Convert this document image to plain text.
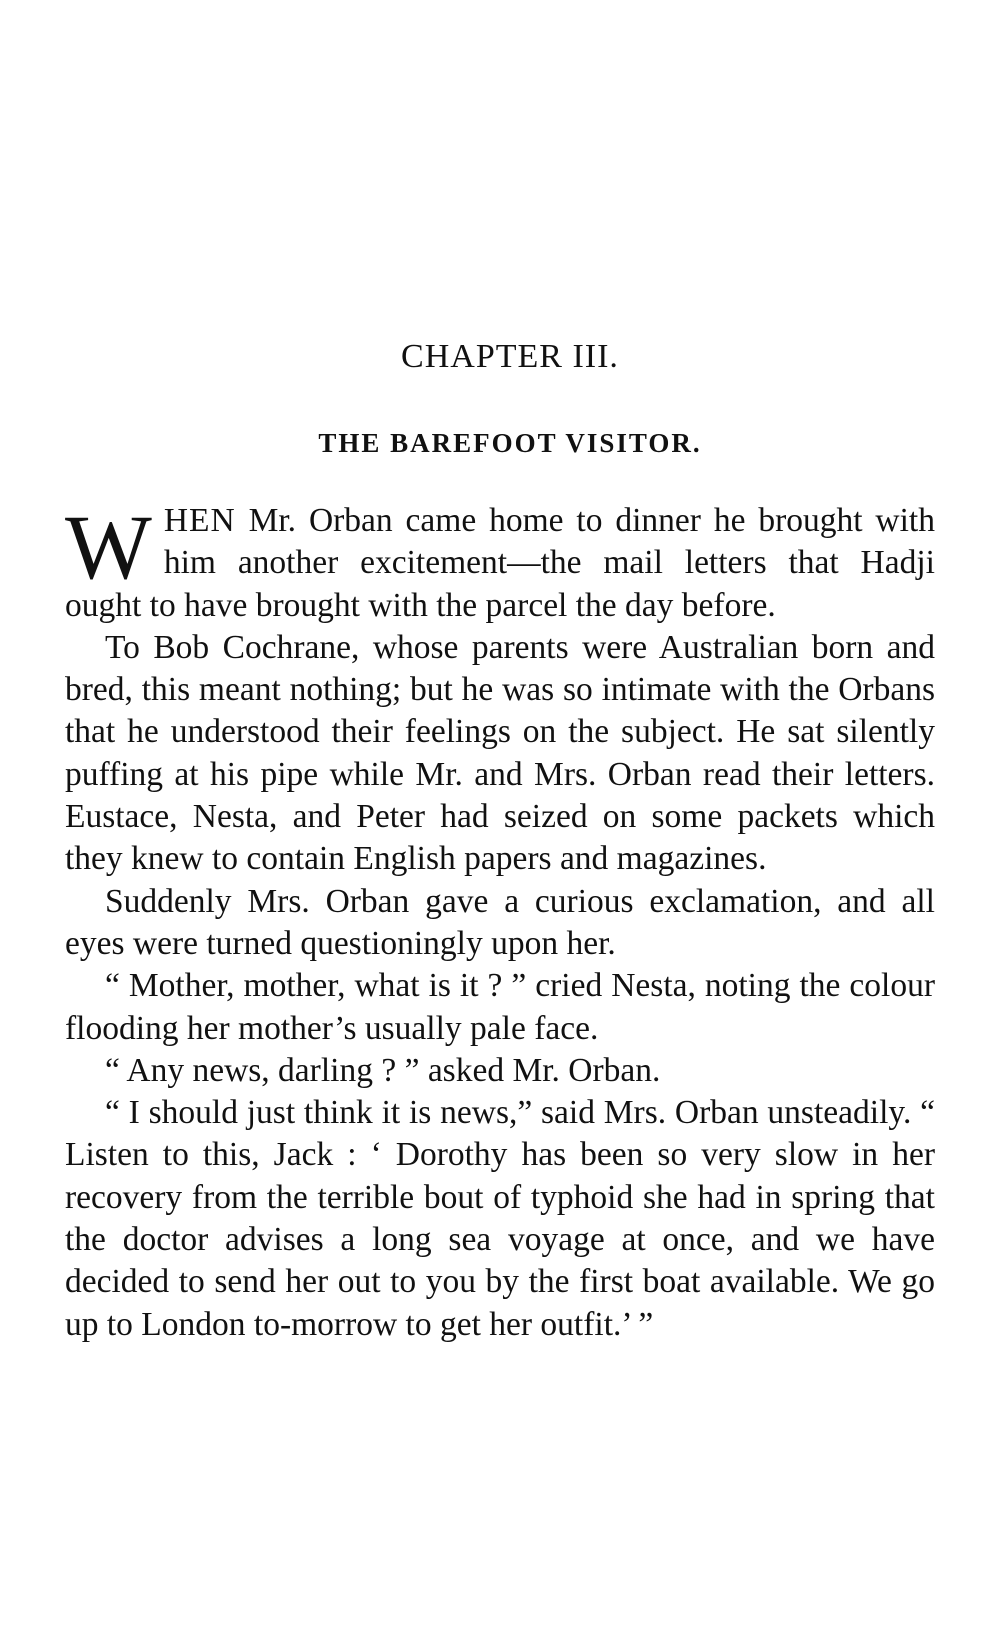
CHAPTER III.
THE BAREFOOT VISITOR.

WHEN Mr. Orban came home to dinner he brought with him another excitement—the mail letters that Hadji ought to have brought with the parcel the day before.

To Bob Cochrane, whose parents were Australian born and bred, this meant nothing; but he was so intimate with the Orbans that he understood their feelings on the subject. He sat silently puffing at his pipe while Mr. and Mrs. Orban read their letters. Eustace, Nesta, and Peter had seized on some packets which they knew to contain English papers and magazines.

Suddenly Mrs. Orban gave a curious exclamation, and all eyes were turned questioningly upon her.

“ Mother, mother, what is it ? ” cried Nesta, noting the colour flooding her mother’s usually pale face.

“ Any news, darling ? ” asked Mr. Orban.

“ I should just think it is news,” said Mrs. Orban unsteadily. “ Listen to this, Jack : ‘ Dorothy has been so very slow in her recovery from the terrible bout of typhoid she had in spring that the doctor advises a long sea voyage at once, and we have decided to send her out to you by the first boat available. We go up to London to-morrow to get her outfit.’ ”
